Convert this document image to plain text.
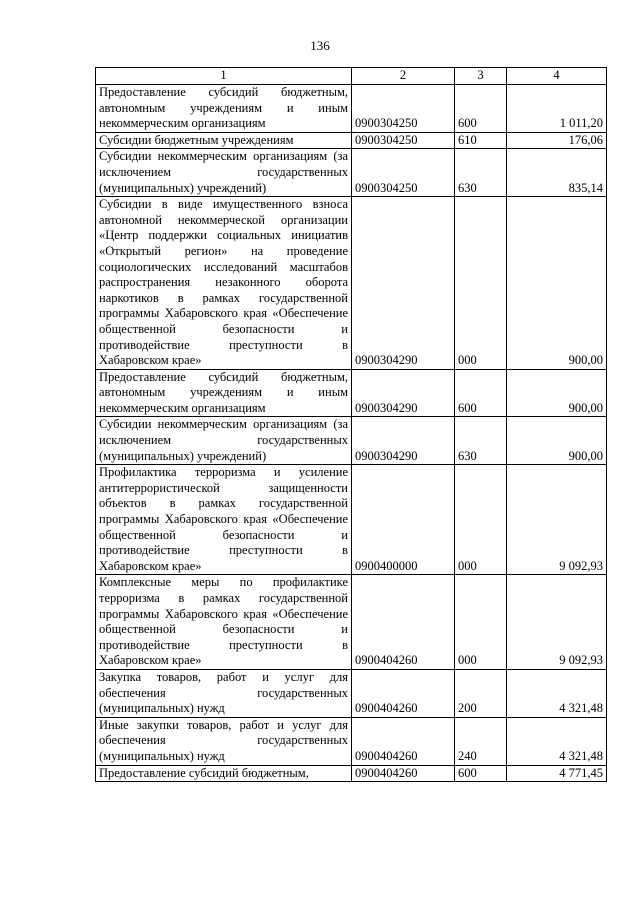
136
1	2	3	4
Предоставление субсидий бюджетным, автономным учреждениям и иным некоммерческим организациям	0900304250	600	1 011,20
Субсидии бюджетным учреждениям	0900304250	610	176,06
Субсидии некоммерческим организациям (за исключением государственных (муниципальных) учреждений)	0900304250	630	835,14
Субсидии в виде имущественного взноса автономной некоммерческой организации «Центр поддержки социальных инициатив «Открытый регион» на проведение социологических исследований масштабов распространения незаконного оборота наркотиков в рамках государственной программы Хабаровского края «Обеспечение общественной безопасности и противодействие преступности в Хабаровском крае»	0900304290	000	900,00
Предоставление субсидий бюджетным, автономным учреждениям и иным некоммерческим организациям	0900304290	600	900,00
Субсидии некоммерческим организациям (за исключением государственных (муниципальных) учреждений)	0900304290	630	900,00
Профилактика терроризма и усиление антитеррористической защищенности объектов в рамках государственной программы Хабаровского края «Обеспечение общественной безопасности и противодействие преступности в Хабаровском крае»	0900400000	000	9 092,93
Комплексные меры по профилактике терроризма в рамках государственной программы Хабаровского края «Обеспечение общественной безопасности и противодействие преступности в Хабаровском крае»	0900404260	000	9 092,93
Закупка товаров, работ и услуг для обеспечения государственных (муниципальных) нужд	0900404260	200	4 321,48
Иные закупки товаров, работ и услуг для обеспечения государственных (муниципальных) нужд	0900404260	240	4 321,48
Предоставление субсидий бюджетным,	0900404260	600	4 771,45
